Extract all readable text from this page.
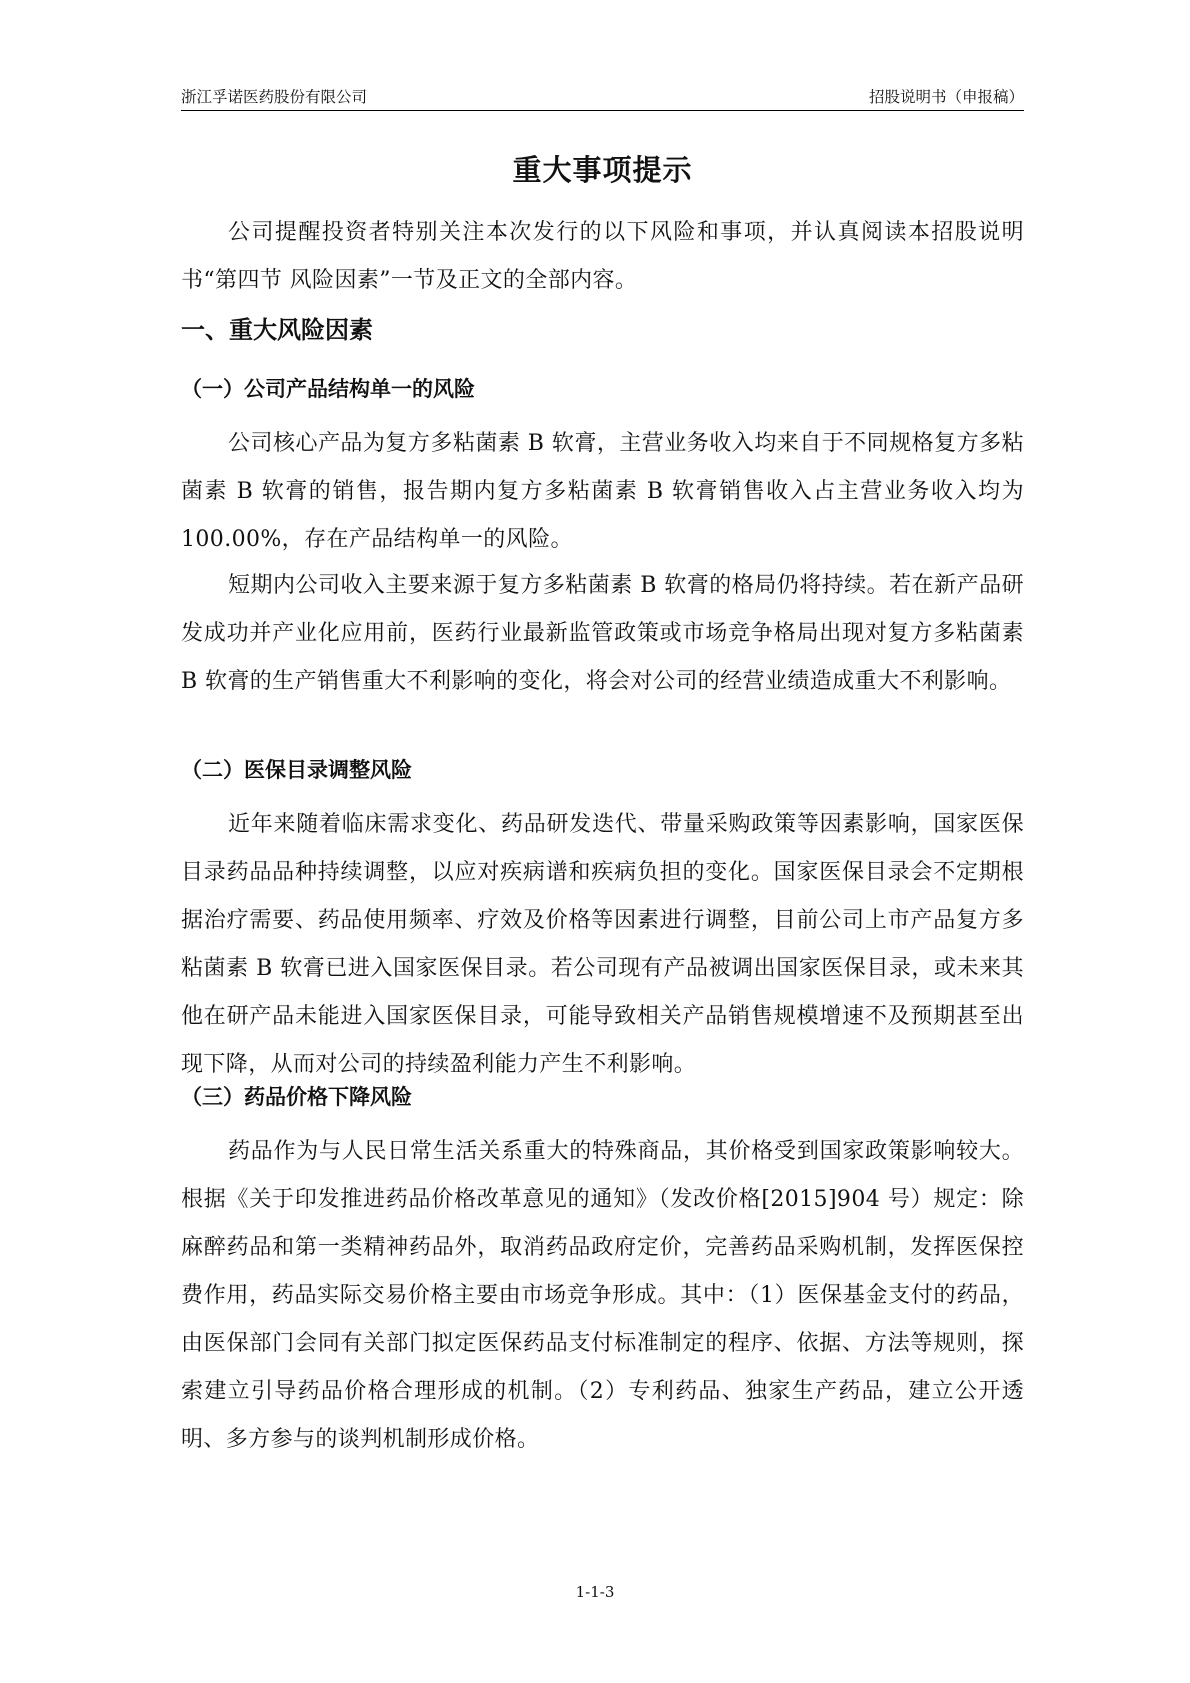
浙江孚诺医药股份有限公司	招股说明书（申报稿）
重大事项提示

公司提醒投资者特别关注本次发行的以下风险和事项，并认真阅读本招股说明书“第四节 风险因素”一节及正文的全部内容。

一、重大风险因素
（一）公司产品结构单一的风险

公司核心产品为复方多粘菌素 B 软膏，主营业务收入均来自于不同规格复方多粘菌素 B 软膏的销售，报告期内复方多粘菌素 B 软膏销售收入占主营业务收入均为 100.00%，存在产品结构单一的风险。

短期内公司收入主要来源于复方多粘菌素 B 软膏的格局仍将持续。若在新产品研发成功并产业化应用前，医药行业最新监管政策或市场竞争格局出现对复方多粘菌素 B 软膏的生产销售重大不利影响的变化，将会对公司的经营业绩造成重大不利影响。

（二）医保目录调整风险

近年来随着临床需求变化、药品研发迭代、带量采购政策等因素影响，国家医保目录药品品种持续调整，以应对疾病谱和疾病负担的变化。国家医保目录会不定期根据治疗需要、药品使用频率、疗效及价格等因素进行调整，目前公司上市产品复方多粘菌素 B 软膏已进入国家医保目录。若公司现有产品被调出国家医保目录，或未来其他在研产品未能进入国家医保目录，可能导致相关产品销售规模增速不及预期甚至出现下降，从而对公司的持续盈利能力产生不利影响。

（三）药品价格下降风险

药品作为与人民日常生活关系重大的特殊商品，其价格受到国家政策影响较大。根据《关于印发推进药品价格改革意见的通知》（发改价格[2015]904 号）规定：除麻醉药品和第一类精神药品外，取消药品政府定价，完善药品采购机制，发挥医保控费作用，药品实际交易价格主要由市场竞争形成。其中：（1）医保基金支付的药品，由医保部门会同有关部门拟定医保药品支付标准制定的程序、依据、方法等规则，探索建立引导药品价格合理形成的机制。（2）专利药品、独家生产药品，建立公开透明、多方参与的谈判机制形成价格。

1-1-3
